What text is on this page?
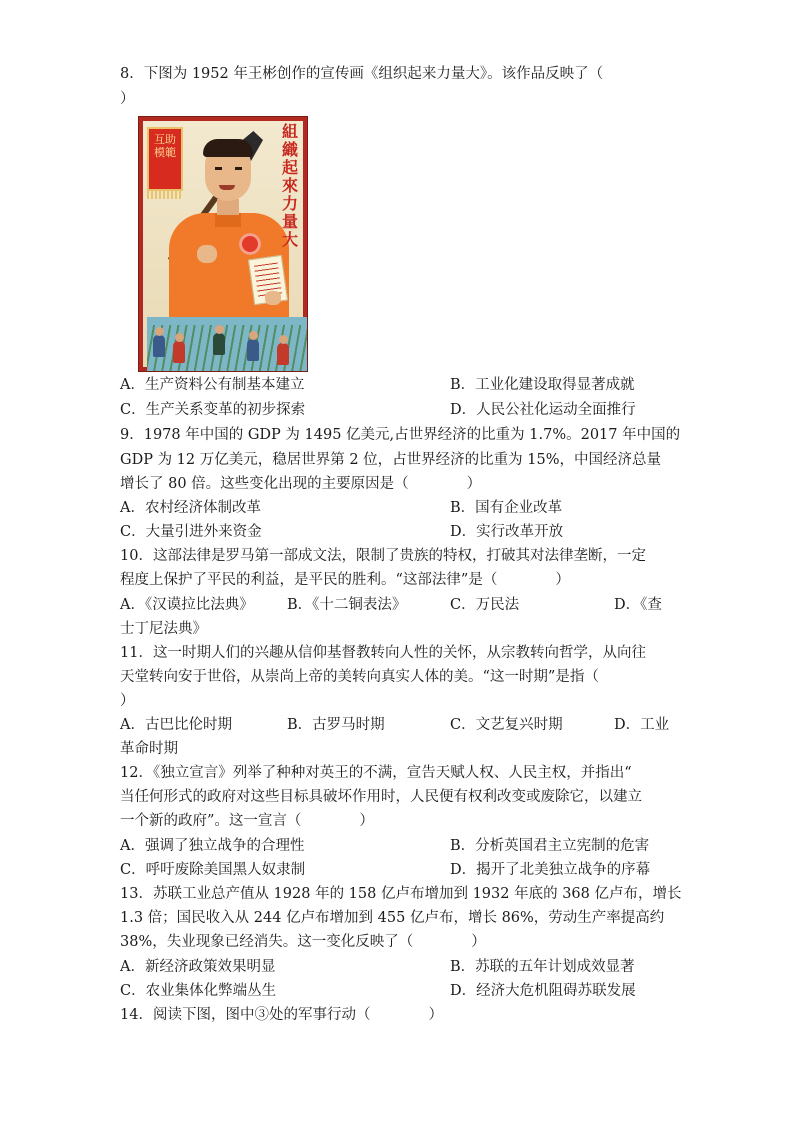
8．下图为 1952 年王彬创作的宣传画《组织起来力量大》。该作品反映了（
）
互助模範
組織起來力量大
A．生产资料公有制基本建立	B．工业化建设取得显著成就
C．生产关系变革的初步探索	D．人民公社化运动全面推行
9．1978 年中国的 GDP 为 1495 亿美元,占世界经济的比重为 1.7%。2017 年中国的
GDP 为 12 万亿美元，稳居世界第 2 位，占世界经济的比重为 15%，中国经济总量
增长了 80 倍。这些变化出现的主要原因是（　　　　）
A．农村经济体制改革	B．国有企业改革
C．大量引进外来资金	D．实行改革开放
10．这部法律是罗马第一部成文法，限制了贵族的特权，打破其对法律垄断，一定
程度上保护了平民的利益，是平民的胜利。“这部法律”是（　　　　）
A．《汉谟拉比法典》 B．《十二铜表法》	C．万民法	D．《查
士丁尼法典》
11．这一时期人们的兴趣从信仰基督教转向人性的关怀，从宗教转向哲学，从向往
天堂转向安于世俗，从崇尚上帝的美转向真实人体的美。“这一时期”是指（
）
A．古巴比伦时期	B．古罗马时期	C．文艺复兴时期	D．工业
革命时期
12．《独立宣言》列举了种种对英王的不满，宣告天赋人权、人民主权，并指出“
当任何形式的政府对这些目标具破坏作用时，人民便有权利改变或废除它，以建立
一个新的政府”。这一宣言（　　　　）
A．强调了独立战争的合理性	B．分析英国君主立宪制的危害
C．呼吁废除美国黑人奴隶制	D．揭开了北美独立战争的序幕
13．苏联工业总产值从 1928 年的 158 亿卢布增加到 1932 年底的 368 亿卢布，增长
1.3 倍；国民收入从 244 亿卢布增加到 455 亿卢布，增长 86%，劳动生产率提高约
38%，失业现象已经消失。这一变化反映了（　　　　）
A．新经济政策效果明显	B．苏联的五年计划成效显著
C．农业集体化弊端丛生	D．经济大危机阻碍苏联发展
14．阅读下图，图中③处的军事行动（　　　　）
